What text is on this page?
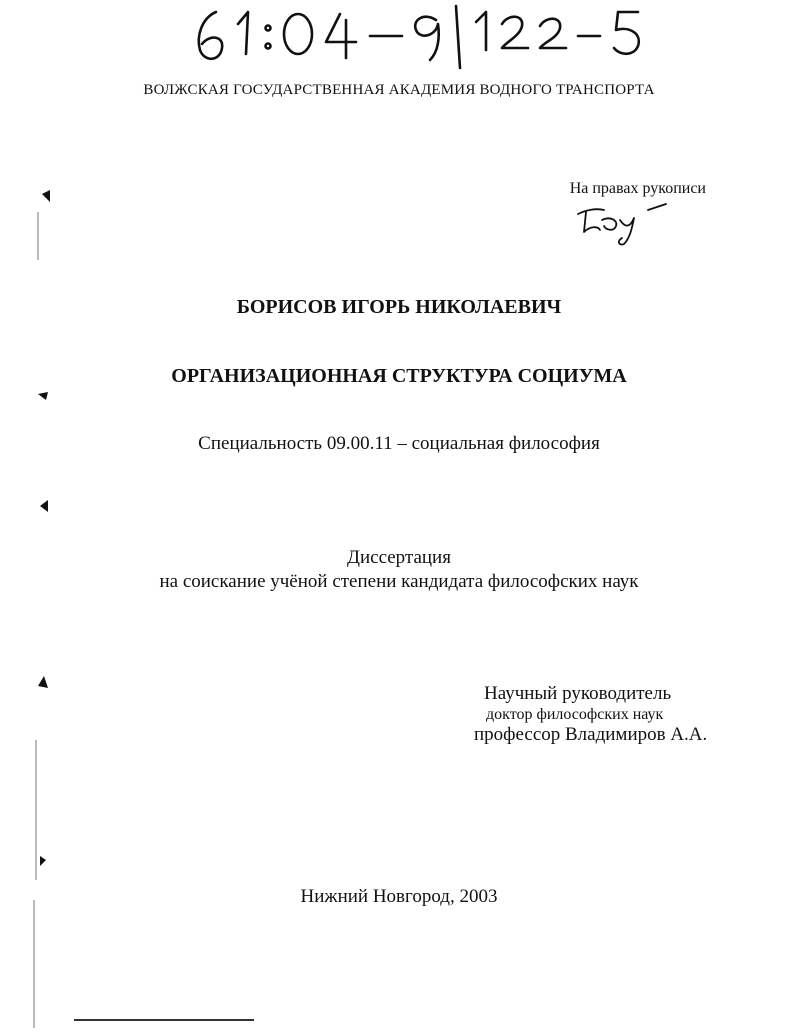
ВОЛЖСКАЯ ГОСУДАРСТВЕННАЯ АКАДЕМИЯ ВОДНОГО ТРАНСПОРТА
На правах рукописи
БОРИСОВ ИГОРЬ НИКОЛАЕВИЧ
ОРГАНИЗАЦИОННАЯ СТРУКТУРА СОЦИУМА
Специальность 09.00.11 – социальная философия
Диссертация
на соискание учёной степени кандидата философских наук
Научный руководитель
доктор философских наук
профессор Владимиров А.А.
Нижний Новгород, 2003
